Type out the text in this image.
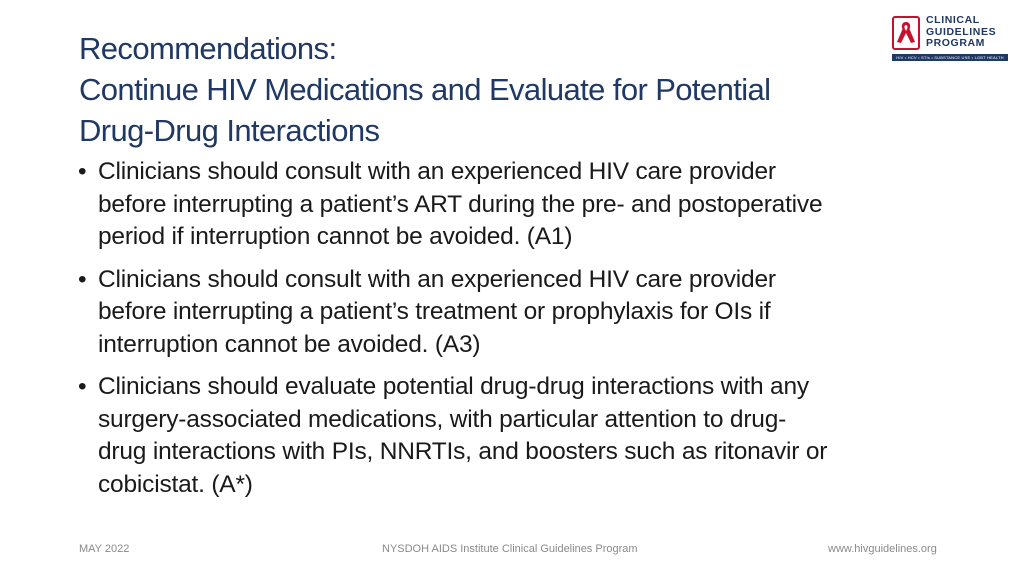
Recommendations:
Continue HIV Medications and Evaluate for Potential
Drug-Drug Interactions
CLINICAL
GUIDELINES
PROGRAM
HIV • HCV • STIs • SUBSTANCE USE • LGBT HEALTH
• Clinicians should consult with an experienced HIV care provider
before interrupting a patient’s ART during the pre- and postoperative
period if interruption cannot be avoided. (A1)
• Clinicians should consult with an experienced HIV care provider
before interrupting a patient’s treatment or prophylaxis for OIs if
interruption cannot be avoided. (A3)
• Clinicians should evaluate potential drug-drug interactions with any
surgery-associated medications, with particular attention to drug-
drug interactions with PIs, NNRTIs, and boosters such as ritonavir or
cobicistat. (A*)
MAY 2022	NYSDOH AIDS Institute Clinical Guidelines Program	www.hivguidelines.org
